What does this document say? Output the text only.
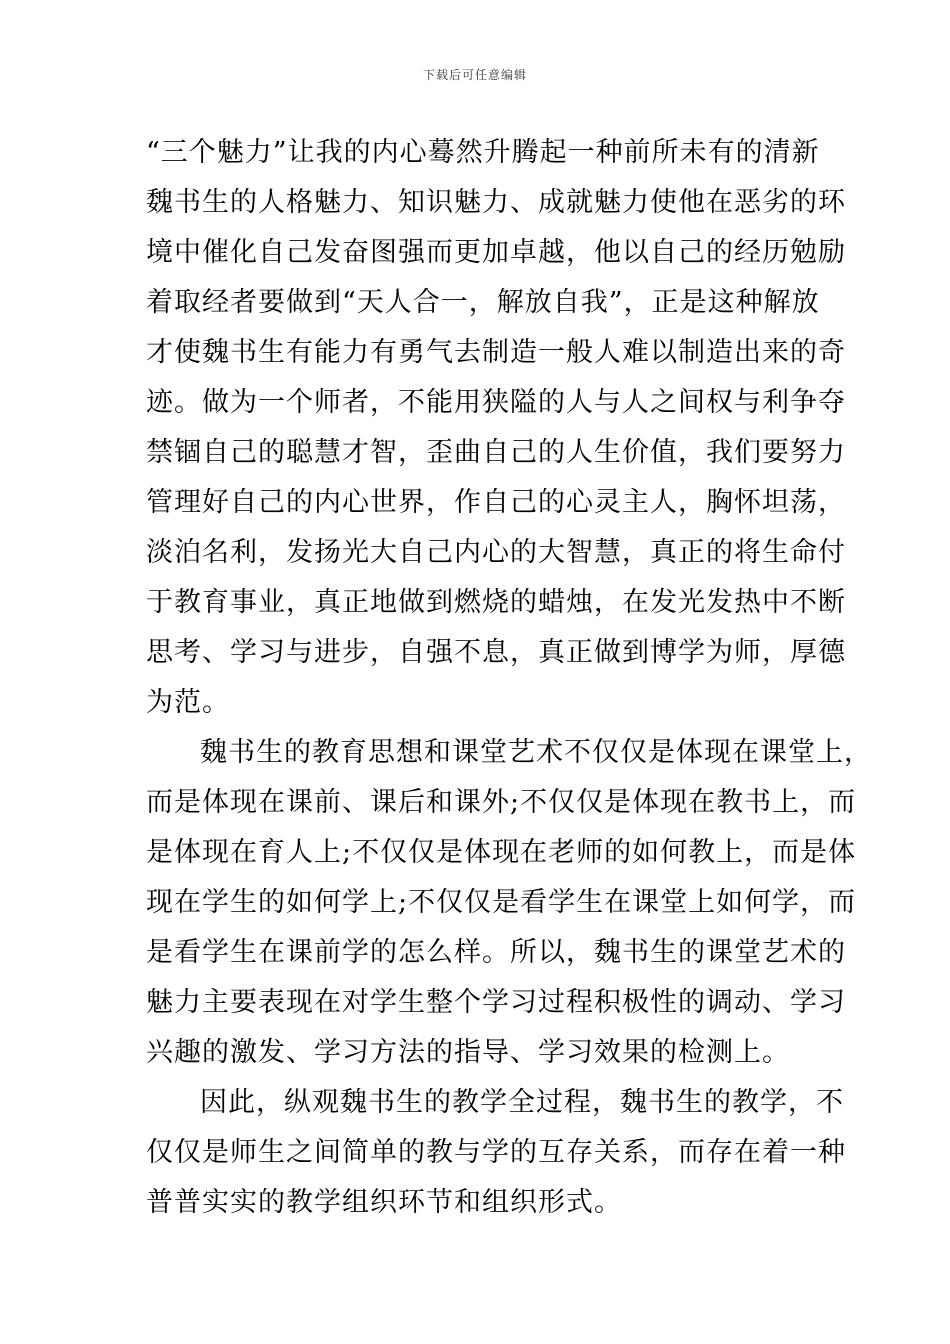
下载后可任意编辑
“三个魅力”让我的内心蓦然升腾起一种前所未有的清新
魏书生的人格魅力、知识魅力、成就魅力使他在恶劣的环
境中催化自己发奋图强而更加卓越，他以自己的经历勉励
着取经者要做到“天人合一，解放自我”，正是这种解放
才使魏书生有能力有勇气去制造一般人难以制造出来的奇
迹。做为一个师者，不能用狭隘的人与人之间权与利争夺
禁锢自己的聪慧才智，歪曲自己的人生价值，我们要努力
管理好自己的内心世界，作自己的心灵主人，胸怀坦荡，
淡泊名利，发扬光大自己内心的大智慧，真正的将生命付
于教育事业，真正地做到燃烧的蜡烛，在发光发热中不断
思考、学习与进步，自强不息，真正做到博学为师，厚德
为范。
魏书生的教育思想和课堂艺术不仅仅是体现在课堂上，
而是体现在课前、课后和课外;不仅仅是体现在教书上，而
是体现在育人上;不仅仅是体现在老师的如何教上，而是体
现在学生的如何学上;不仅仅是看学生在课堂上如何学，而
是看学生在课前学的怎么样。所以，魏书生的课堂艺术的
魅力主要表现在对学生整个学习过程积极性的调动、学习
兴趣的激发、学习方法的指导、学习效果的检测上。
因此，纵观魏书生的教学全过程，魏书生的教学，不
仅仅是师生之间简单的教与学的互存关系，而存在着一种
普普实实的教学组织环节和组织形式。
